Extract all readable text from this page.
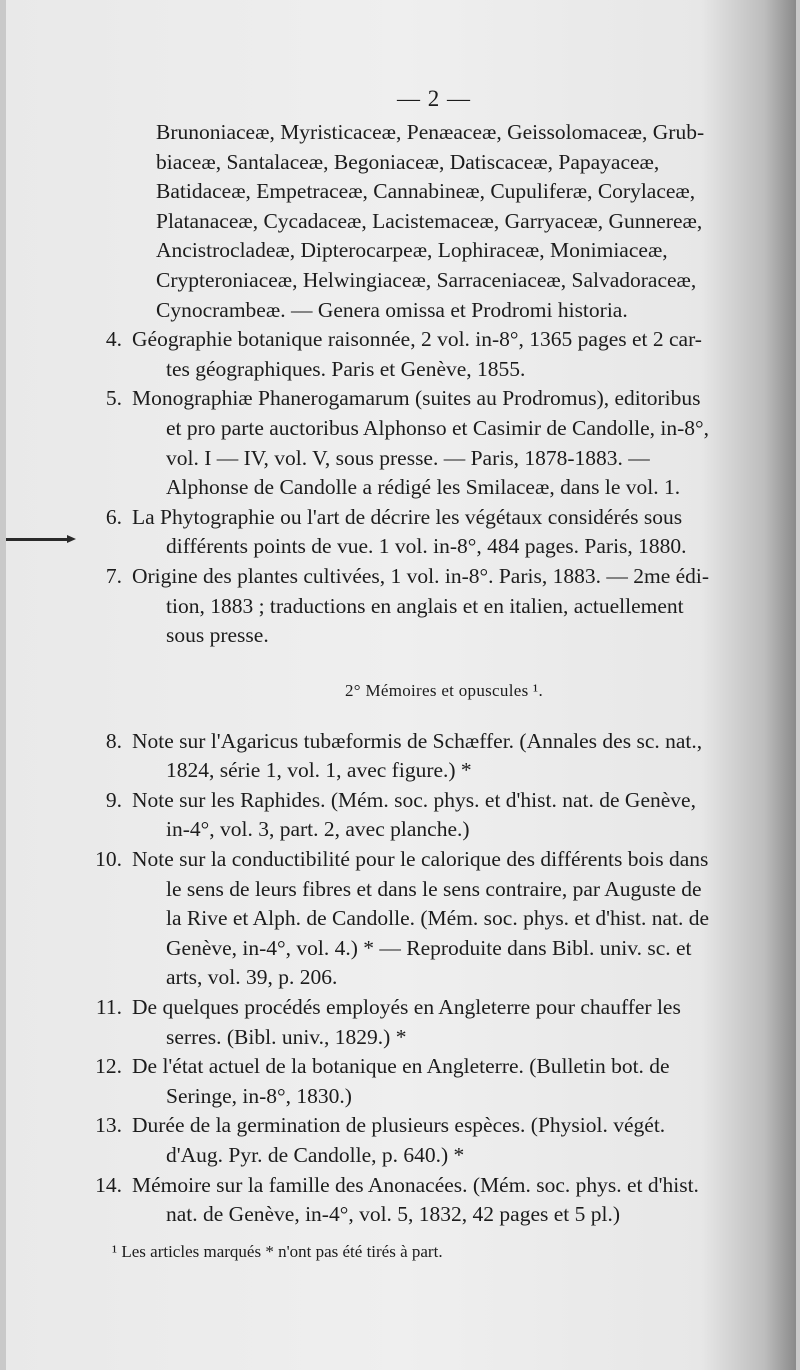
— 2 —
Brunoniaceæ, Myristicaceæ, Penæaceæ, Geissolomaceæ, Grub-
biaceæ, Santalaceæ, Begoniaceæ, Datiscaceæ, Papayaceæ,
Batidaceæ, Empetraceæ, Cannabineæ, Cupuliferæ, Corylaceæ,
Platanaceæ, Cycadaceæ, Lacistemaceæ, Garryaceæ, Gunnereæ,
Ancistrocladeæ, Dipterocarpeæ, Lophiraceæ, Monimiaceæ,
Crypteroniaceæ, Helwingiaceæ, Sarraceniaceæ, Salvadoraceæ,
Cynocrambeæ. — Genera omissa et Prodromi historia.
4. Géographie botanique raisonnée, 2 vol. in-8°, 1365 pages et 2 car-
tes géographiques. Paris et Genève, 1855.
5. Monographiæ Phanerogamarum (suites au Prodromus), editoribus
et pro parte auctoribus Alphonso et Casimir de Candolle, in-8°,
vol. I — IV, vol. V, sous presse. — Paris, 1878-1883. —
Alphonse de Candolle a rédigé les Smilaceæ, dans le vol. 1.
6. La Phytographie ou l'art de décrire les végétaux considérés sous
différents points de vue. 1 vol. in-8°, 484 pages. Paris, 1880.
7. Origine des plantes cultivées, 1 vol. in-8°. Paris, 1883. — 2me édi-
tion, 1883 ; traductions en anglais et en italien, actuellement
sous presse.
2° Mémoires et opuscules ¹.
8. Note sur l'Agaricus tubæformis de Schæffer. (Annales des sc. nat.,
1824, série 1, vol. 1, avec figure.) *
9. Note sur les Raphides. (Mém. soc. phys. et d'hist. nat. de Genève,
in-4°, vol. 3, part. 2, avec planche.)
10. Note sur la conductibilité pour le calorique des différents bois dans
le sens de leurs fibres et dans le sens contraire, par Auguste de
la Rive et Alph. de Candolle. (Mém. soc. phys. et d'hist. nat. de
Genève, in-4°, vol. 4.) * — Reproduite dans Bibl. univ. sc. et
arts, vol. 39, p. 206.
11. De quelques procédés employés en Angleterre pour chauffer les
serres. (Bibl. univ., 1829.) *
12. De l'état actuel de la botanique en Angleterre. (Bulletin bot. de
Seringe, in-8°, 1830.)
13. Durée de la germination de plusieurs espèces. (Physiol. végét.
d'Aug. Pyr. de Candolle, p. 640.) *
14. Mémoire sur la famille des Anonacées. (Mém. soc. phys. et d'hist.
nat. de Genève, in-4°, vol. 5, 1832, 42 pages et 5 pl.)
¹ Les articles marqués * n'ont pas été tirés à part.
